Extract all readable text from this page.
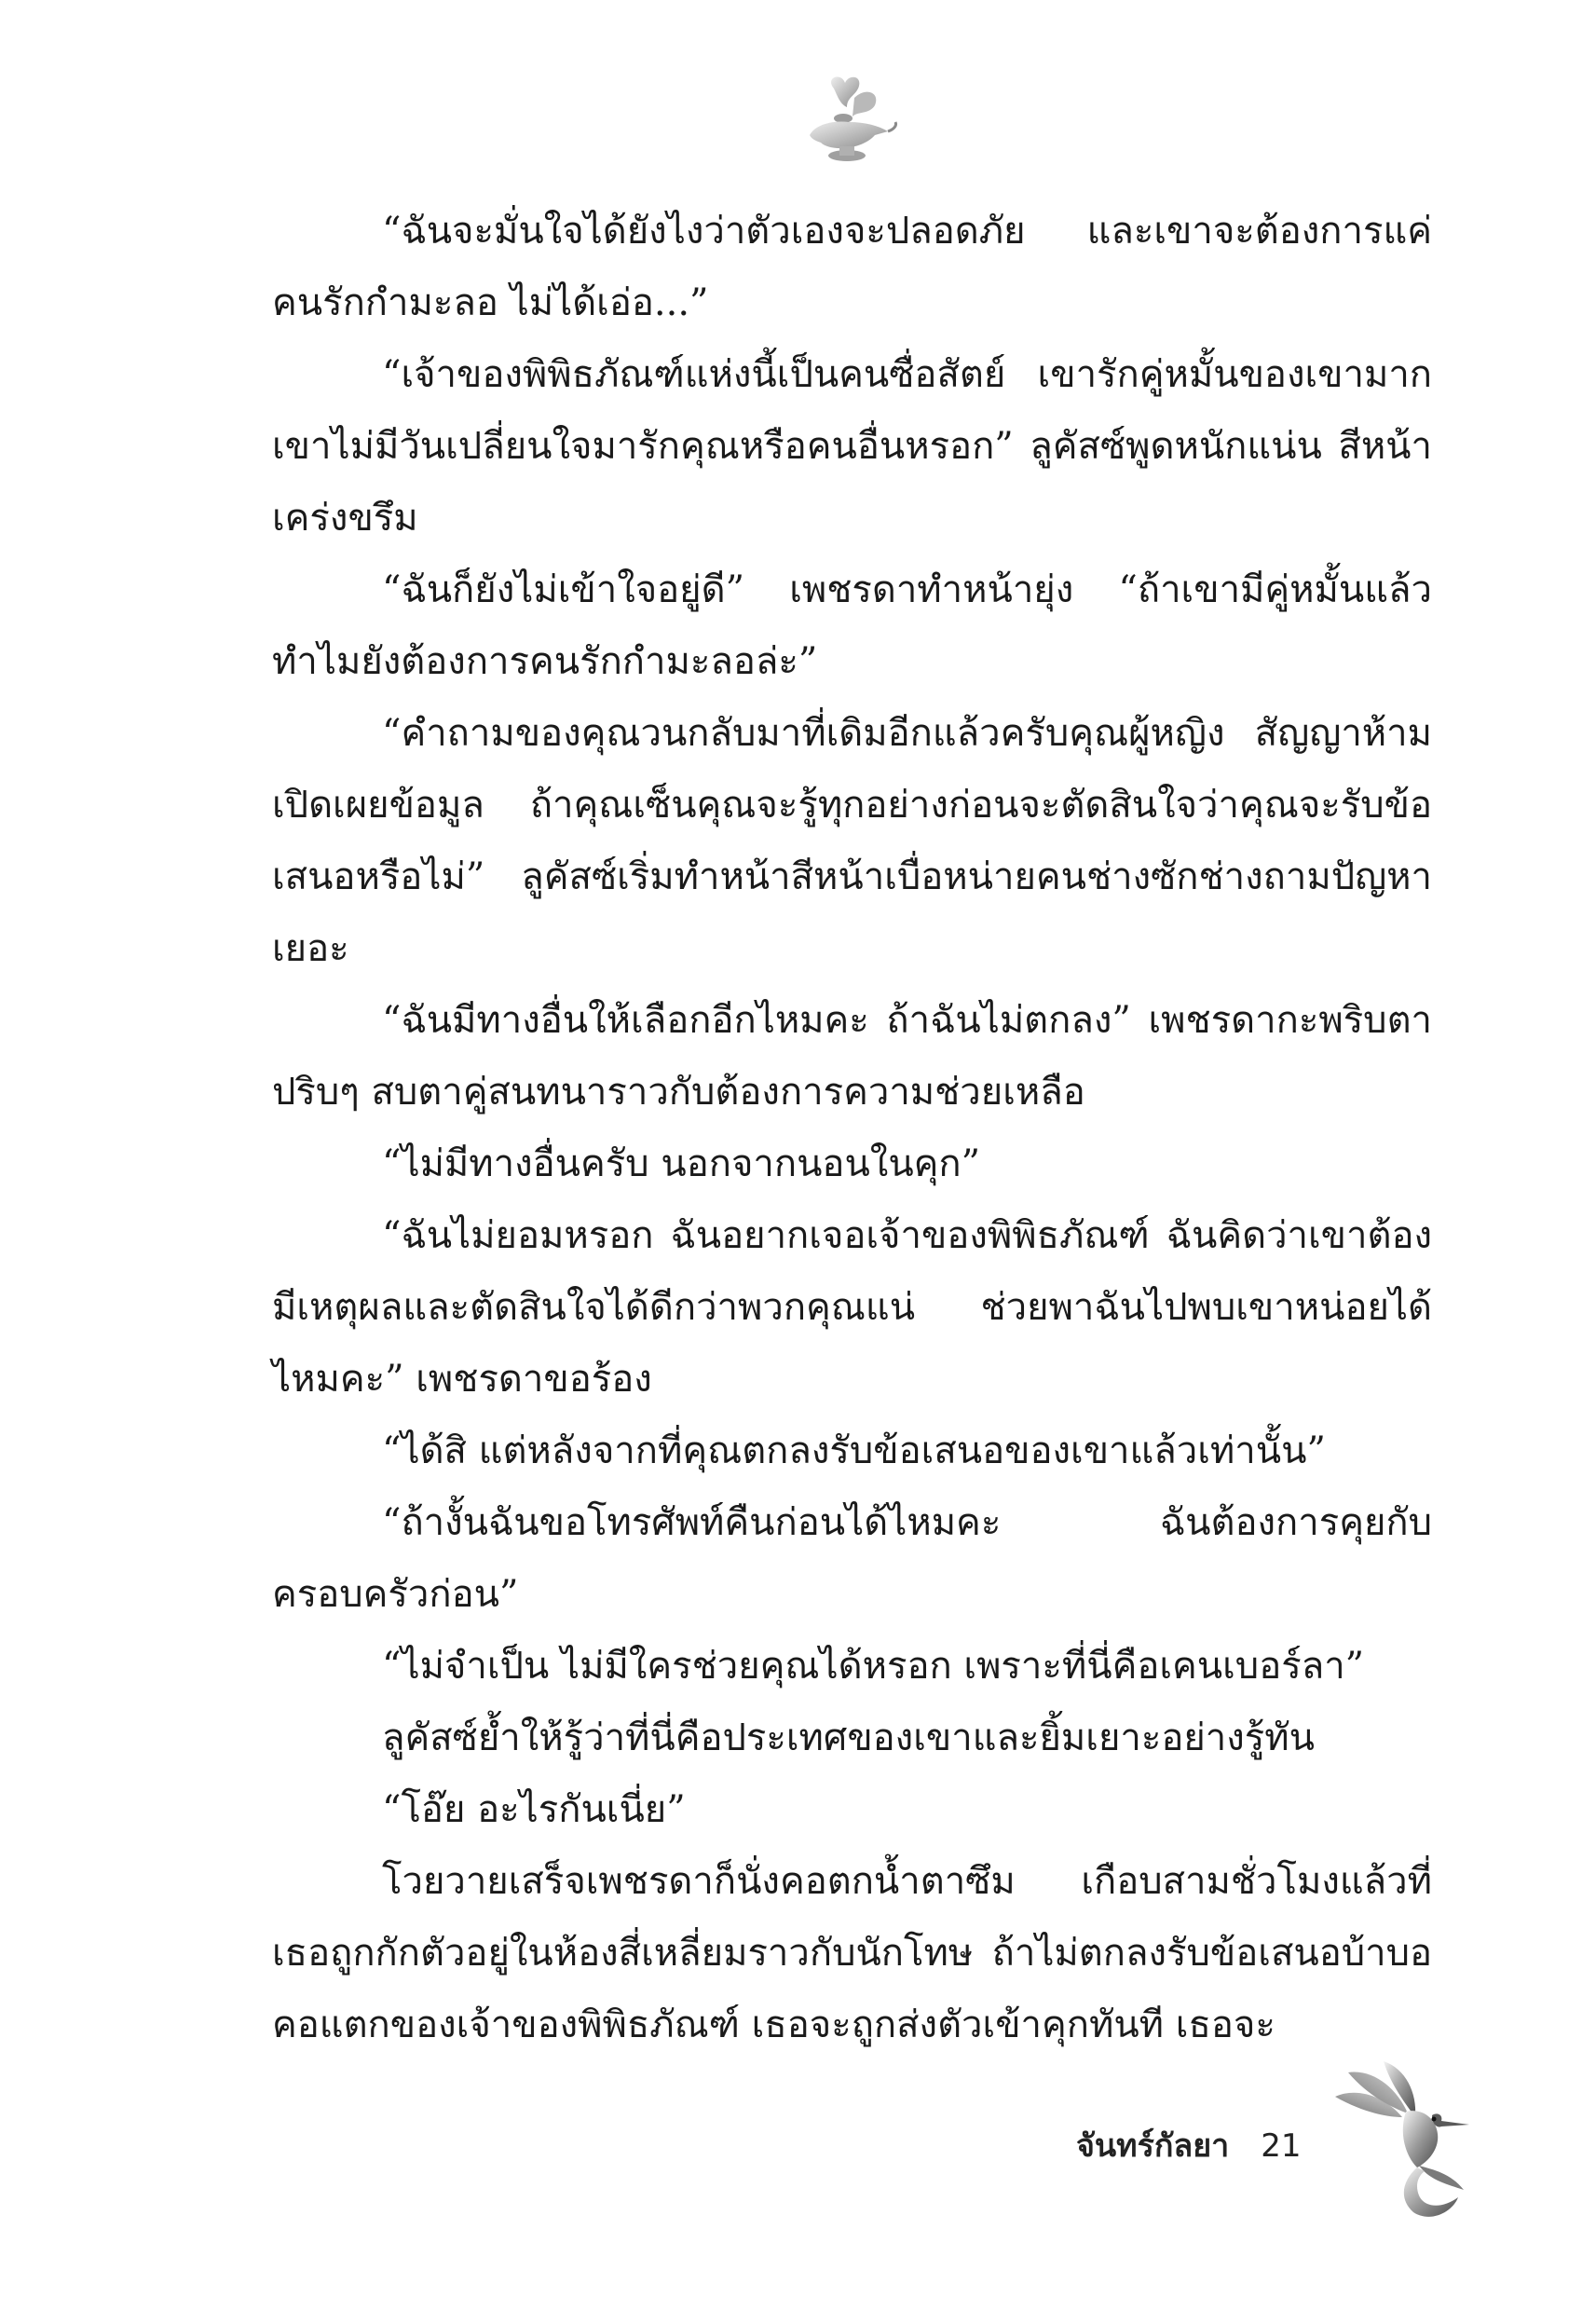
“ฉันจะมั่นใจได้ยังไงว่าตัวเองจะปลอดภัย และเขาจะต้องการแค่คนรักกำมะลอ ไม่ได้เอ่อ...”

“เจ้าของพิพิธภัณฑ์แห่งนี้เป็นคนซื่อสัตย์ เขารักคู่หมั้นของเขามาก เขาไม่มีวันเปลี่ยนใจมารักคุณหรือคนอื่นหรอก” ลูคัสซ์พูดหนักแน่น สีหน้าเคร่งขรึม

“ฉันก็ยังไม่เข้าใจอยู่ดี” เพชรดาทำหน้ายุ่ง “ถ้าเขามีคู่หมั้นแล้ว ทำไมยังต้องการคนรักกำมะลอล่ะ”

“คำถามของคุณวนกลับมาที่เดิมอีกแล้วครับคุณผู้หญิง สัญญาห้ามเปิดเผยข้อมูล ถ้าคุณเซ็นคุณจะรู้ทุกอย่างก่อนจะตัดสินใจว่าคุณจะรับข้อเสนอหรือไม่” ลูคัสซ์เริ่มทำหน้าสีหน้าเบื่อหน่ายคนช่างซักช่างถามปัญหาเยอะ

“ฉันมีทางอื่นให้เลือกอีกไหมคะ ถ้าฉันไม่ตกลง” เพชรดากะพริบตาปริบๆ สบตาคู่สนทนาราวกับต้องการความช่วยเหลือ

“ไม่มีทางอื่นครับ นอกจากนอนในคุก”

“ฉันไม่ยอมหรอก ฉันอยากเจอเจ้าของพิพิธภัณฑ์ ฉันคิดว่าเขาต้องมีเหตุผลและตัดสินใจได้ดีกว่าพวกคุณแน่ ช่วยพาฉันไปพบเขาหน่อยได้ไหมคะ” เพชรดาขอร้อง

“ได้สิ แต่หลังจากที่คุณตกลงรับข้อเสนอของเขาแล้วเท่านั้น”

“ถ้างั้นฉันขอโทรศัพท์คืนก่อนได้ไหมคะ ฉันต้องการคุยกับครอบครัวก่อน”

“ไม่จำเป็น ไม่มีใครช่วยคุณได้หรอก เพราะที่นี่คือเคนเบอร์ลา”

ลูคัสซ์ย้ำให้รู้ว่าที่นี่คือประเทศของเขาและยิ้มเยาะอย่างรู้ทัน

“โอ๊ย อะไรกันเนี่ย”

โวยวายเสร็จเพชรดาก็นั่งคอตกน้ำตาซึม เกือบสามชั่วโมงแล้วที่เธอถูกกักตัวอยู่ในห้องสี่เหลี่ยมราวกับนักโทษ ถ้าไม่ตกลงรับข้อเสนอบ้าบอคอแตกของเจ้าของพิพิธภัณฑ์ เธอจะถูกส่งตัวเข้าคุกทันที เธอจะ

จันทร์กัลยา 21
